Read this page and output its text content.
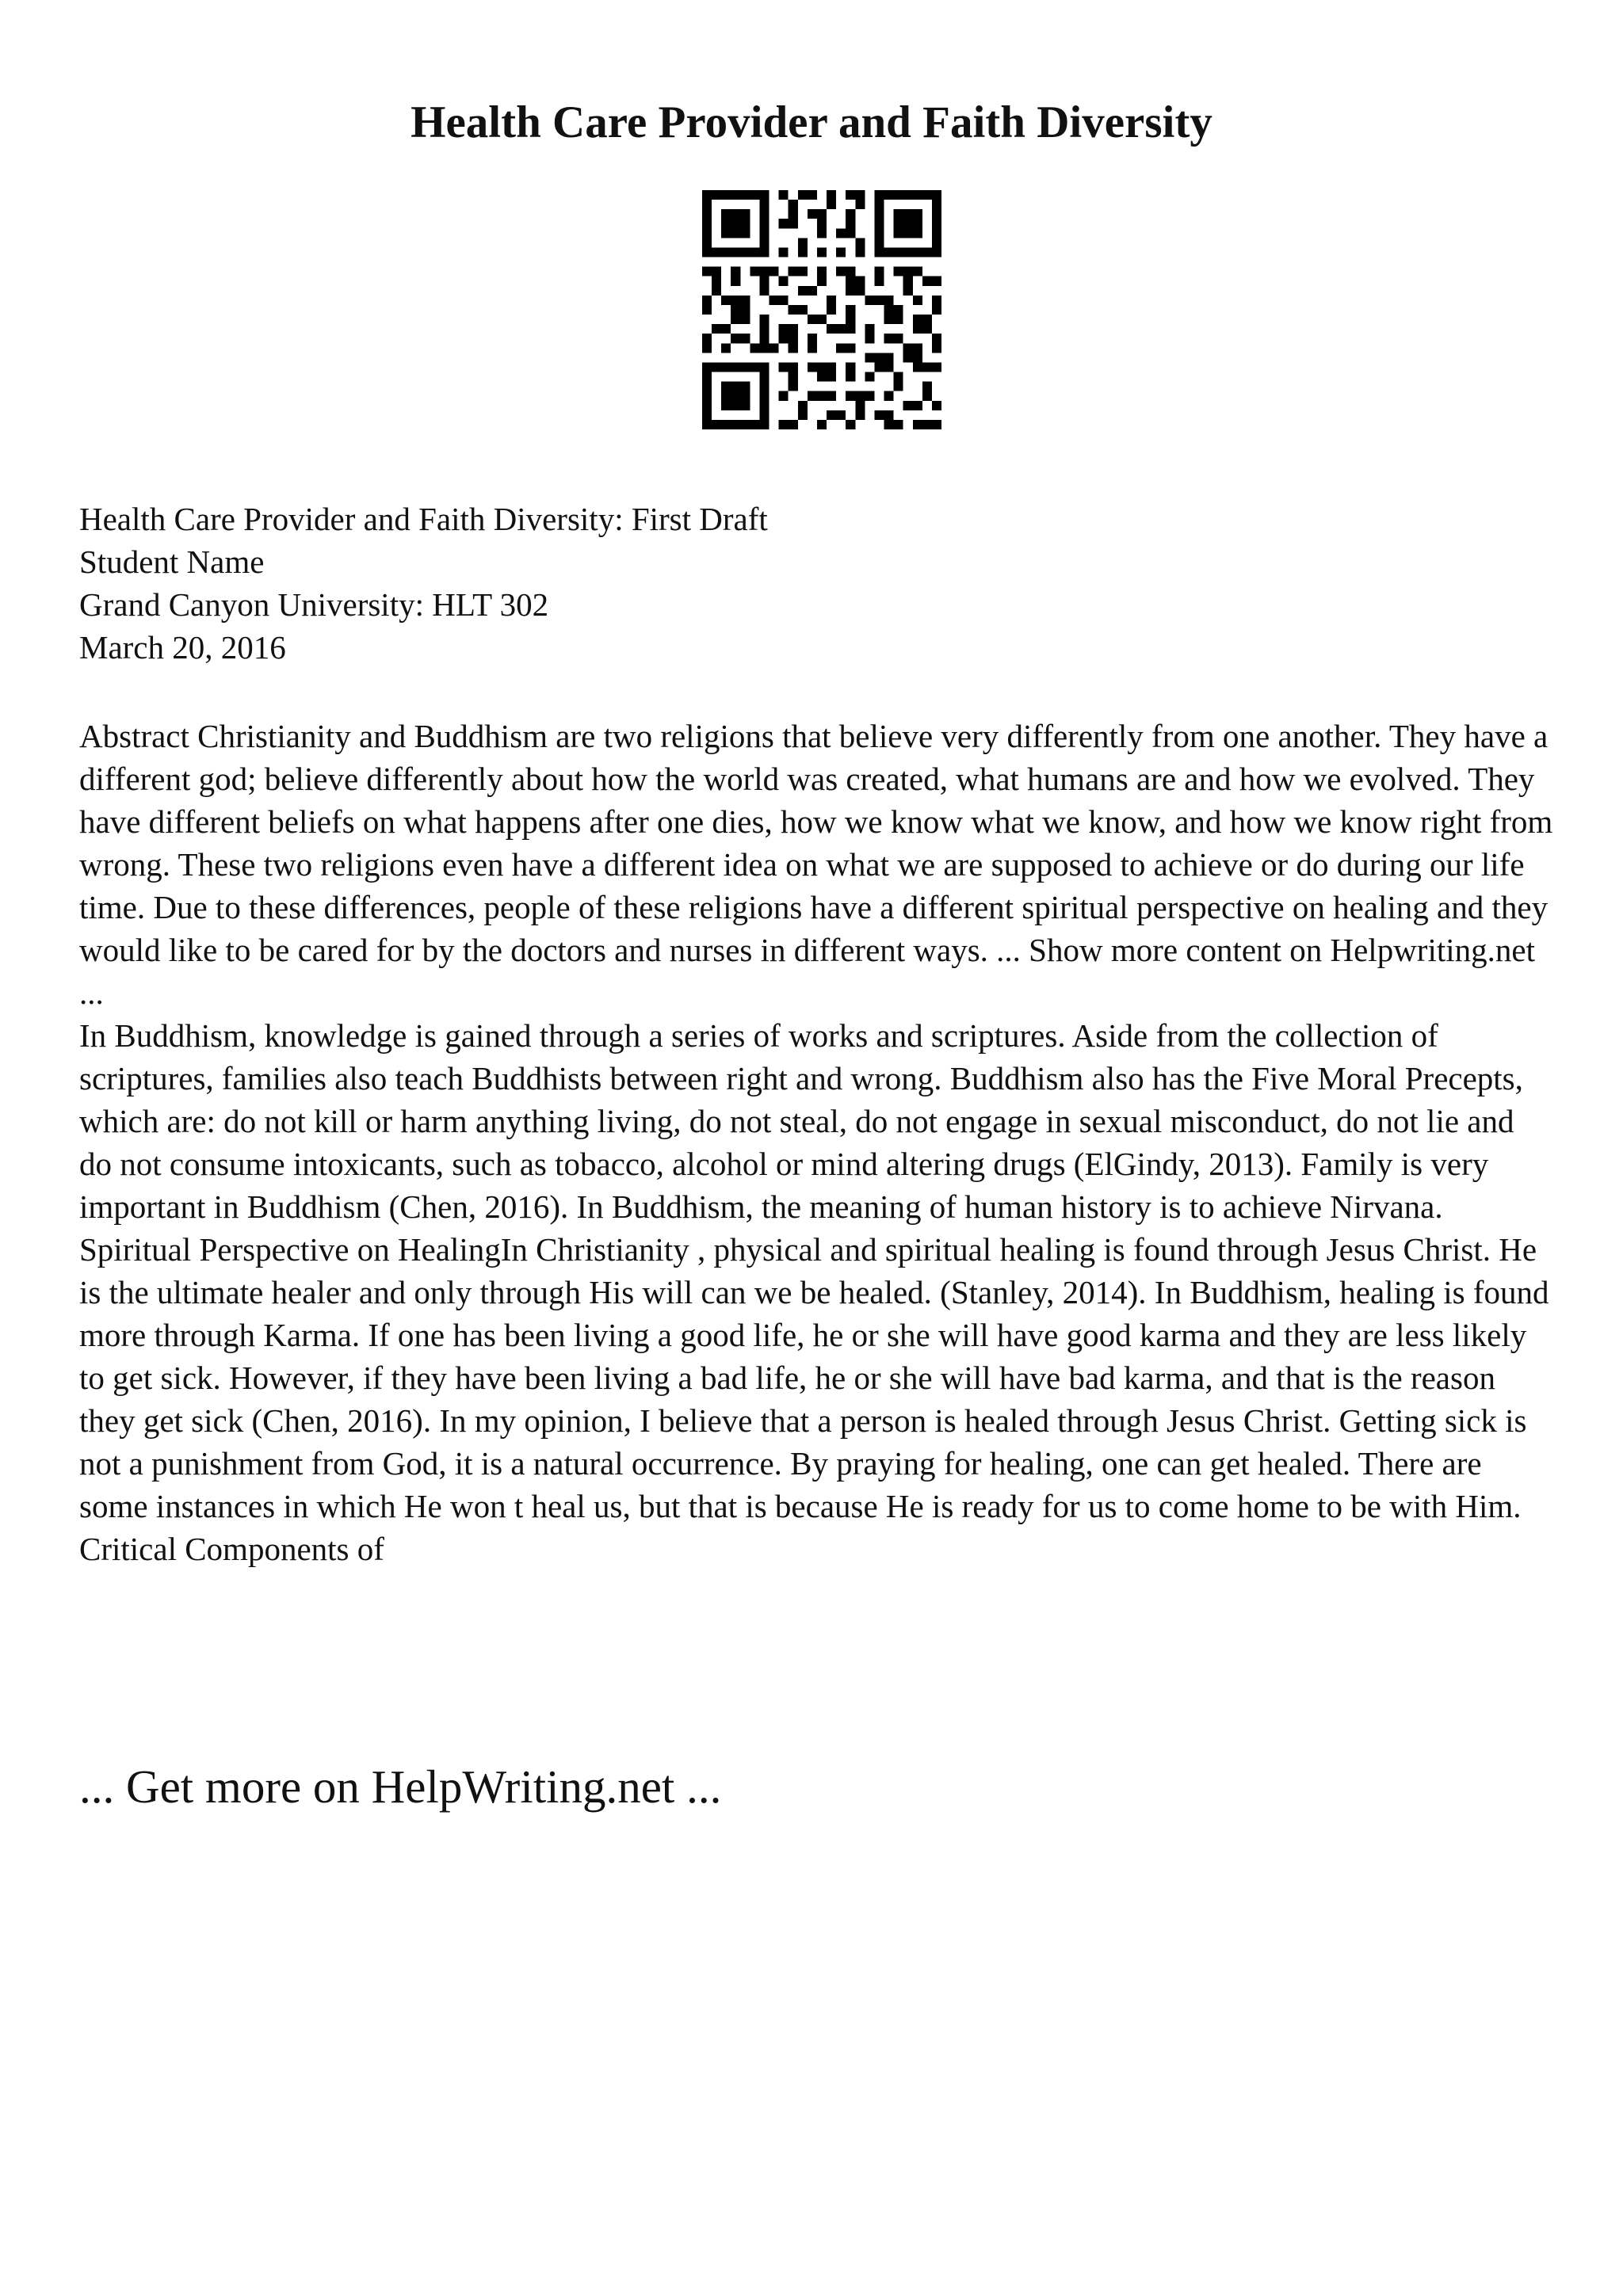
Health Care Provider and Faith Diversity
Health Care Provider and Faith Diversity: First Draft
Student Name
Grand Canyon University: HLT 302
March 20, 2016

Abstract Christianity and Buddhism are two religions that believe very differently from one another. They have a different god; believe differently about how the world was created, what humans are and how we evolved. They have different beliefs on what happens after one dies, how we know what we know, and how we know right from wrong. These two religions even have a different idea on what we are supposed to achieve or do during our life time. Due to these differences, people of these religions have a different spiritual perspective on healing and they would like to be cared for by the doctors and nurses in different ways. ... Show more content on Helpwriting.net ...

In Buddhism, knowledge is gained through a series of works and scriptures. Aside from the collection of scriptures, families also teach Buddhists between right and wrong. Buddhism also has the Five Moral Precepts, which are: do not kill or harm anything living, do not steal, do not engage in sexual misconduct, do not lie and do not consume intoxicants, such as tobacco, alcohol or mind altering drugs (ElGindy, 2013). Family is very important in Buddhism (Chen, 2016). In Buddhism, the meaning of human history is to achieve Nirvana. Spiritual Perspective on HealingIn Christianity , physical and spiritual healing is found through Jesus Christ. He is the ultimate healer and only through His will can we be healed. (Stanley, 2014). In Buddhism, healing is found more through Karma. If one has been living a good life, he or she will have good karma and they are less likely to get sick. However, if they have been living a bad life, he or she will have bad karma, and that is the reason they get sick (Chen, 2016). In my opinion, I believe that a person is healed through Jesus Christ. Getting sick is not a punishment from God, it is a natural occurrence. By praying for healing, one can get healed. There are some instances in which He won t heal us, but that is because He is ready for us to come home to be with Him.

Critical Components of

... Get more on HelpWriting.net ...
